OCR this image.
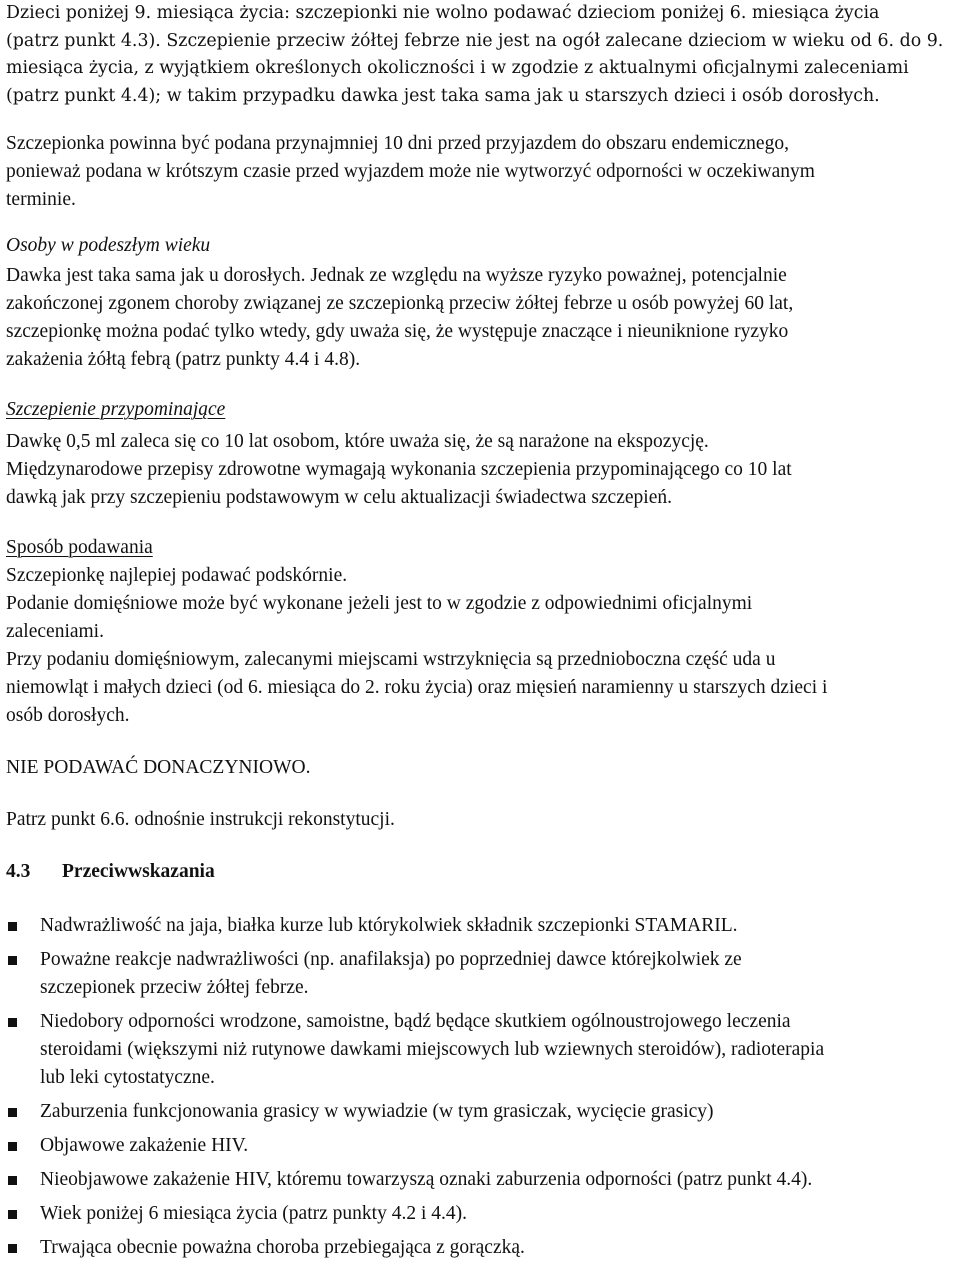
Dzieci poniżej 9. miesiąca życia: szczepionki nie wolno podawać dzieciom poniżej 6. miesiąca życia

(patrz punkt 4.3). Szczepienie przeciw żółtej febrze nie jest na ogół zalecane dzieciom w wieku od 6. do 9.

miesiąca życia, z wyjątkiem określonych okoliczności i w zgodzie z aktualnymi oficjalnymi zaleceniami

(patrz punkt 4.4); w takim przypadku dawka jest taka sama jak u starszych dzieci i osób dorosłych.

Szczepionka powinna być podana przynajmniej 10 dni przed przyjazdem do obszaru endemicznego,

ponieważ podana w krótszym czasie przed wyjazdem może nie wytworzyć odporności w oczekiwanym

terminie.

Osoby w podeszłym wieku

Dawka jest taka sama jak u dorosłych. Jednak ze względu na wyższe ryzyko poważnej, potencjalnie

zakończonej zgonem choroby związanej ze szczepionką przeciw żółtej febrze u osób powyżej 60 lat,

szczepionkę można podać tylko wtedy, gdy uważa się, że występuje znaczące i nieuniknione ryzyko

zakażenia żółtą febrą (patrz punkty 4.4 i 4.8).

Szczepienie przypominające

Dawkę 0,5 ml zaleca się co 10 lat osobom, które uważa się, że są narażone na ekspozycję.

Międzynarodowe przepisy zdrowotne wymagają wykonania szczepienia przypominającego co 10 lat

dawką jak przy szczepieniu podstawowym w celu aktualizacji świadectwa szczepień.

Sposób podawania

Szczepionkę najlepiej podawać podskórnie.

Podanie domięśniowe może być wykonane jeżeli jest to w zgodzie z odpowiednimi oficjalnymi

zaleceniami.

Przy podaniu domięśniowym, zalecanymi miejscami wstrzyknięcia są przednioboczna część uda u

niemowląt i małych dzieci (od 6. miesiąca do 2. roku życia) oraz mięsień naramienny u starszych dzieci i

osób dorosłych.

NIE PODAWAĆ DONACZYNIOWO.

Patrz punkt 6.6. odnośnie instrukcji rekonstytucji.

4.3	Przeciwwskazania
Nadwrażliwość na jaja, białka kurze lub którykolwiek składnik szczepionki STAMARIL.
Poważne reakcje nadwrażliwości (np. anafilaksja) po poprzedniej dawce którejkolwiek ze
szczepionek przeciw żółtej febrze.
Niedobory odporności wrodzone, samoistne, bądź będące skutkiem ogólnoustrojowego leczenia
steroidami (większymi niż rutynowe dawkami miejscowych lub wziewnych steroidów), radioterapia
lub leki cytostatyczne.
Zaburzenia funkcjonowania grasicy w wywiadzie (w tym grasiczak, wycięcie grasicy)
Objawowe zakażenie HIV.
Nieobjawowe zakażenie HIV, któremu towarzyszą oznaki zaburzenia odporności (patrz punkt 4.4).
Wiek poniżej 6 miesiąca życia (patrz punkty 4.2 i 4.4).
Trwająca obecnie poważna choroba przebiegająca z gorączką.
